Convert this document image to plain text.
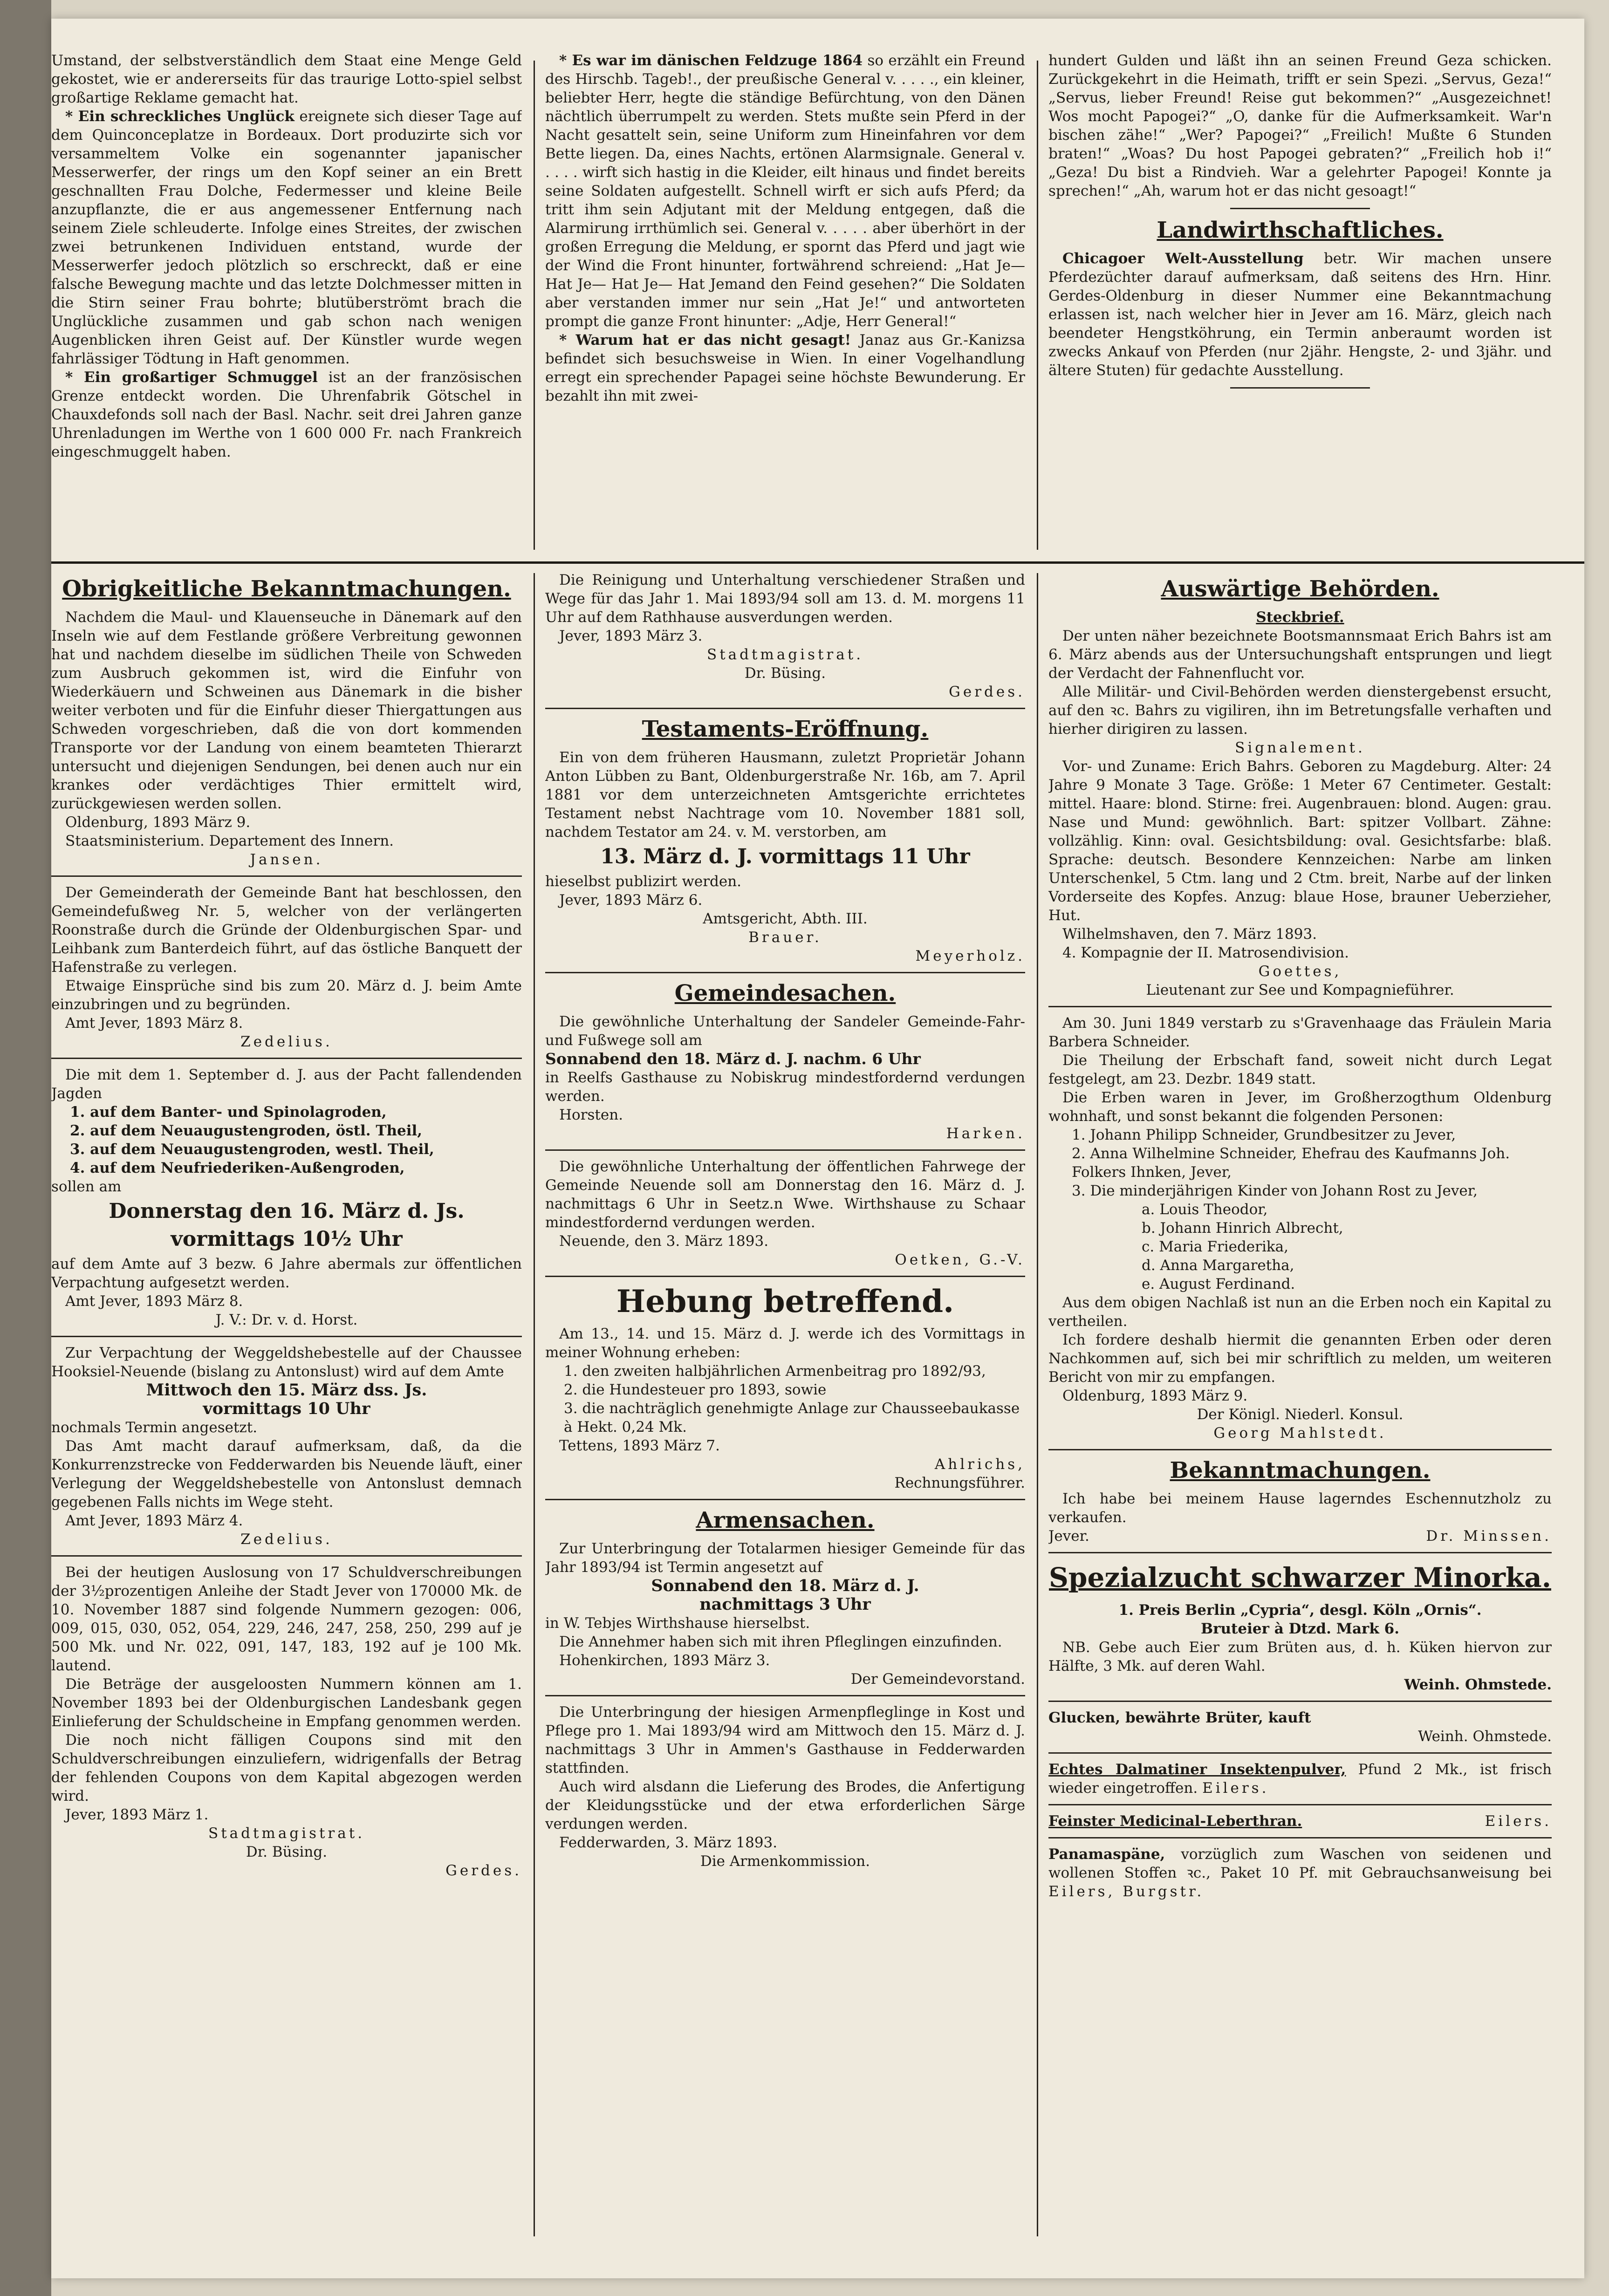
Umstand, der selbstverständlich dem Staat eine Menge Geld gekostet, wie er andererseits für das traurige Lotto-spiel selbst großartige Reklame gemacht hat.

* Ein schreckliches Unglück ereignete sich dieser Tage auf dem Quinconceplatze in Bordeaux. Dort produzirte sich vor versammeltem Volke ein sogenannter japanischer Messerwerfer, der rings um den Kopf seiner an ein Brett geschnallten Frau Dolche, Federmesser und kleine Beile anzupflanzte, die er aus angemessener Entfernung nach seinem Ziele schleuderte. Infolge eines Streites, der zwischen zwei betrunkenen Individuen entstand, wurde der Messerwerfer jedoch plötzlich so erschreckt, daß er eine falsche Bewegung machte und das letzte Dolchmesser mitten in die Stirn seiner Frau bohrte; blutüberströmt brach die Unglückliche zusammen und gab schon nach wenigen Augenblicken ihren Geist auf. Der Künstler wurde wegen fahrlässiger Tödtung in Haft genommen.

* Ein großartiger Schmuggel ist an der französischen Grenze entdeckt worden. Die Uhrenfabrik Götschel in Chauxdefonds soll nach der Basl. Nachr. seit drei Jahren ganze Uhrenladungen im Werthe von 1 600 000 Fr. nach Frankreich eingeschmuggelt haben.

* Es war im dänischen Feldzuge 1864 so erzählt ein Freund des Hirschb. Tageb!., der preußische General v. . . . ., ein kleiner, beliebter Herr, hegte die ständige Befürchtung, von den Dänen nächtlich überrumpelt zu werden. Stets mußte sein Pferd in der Nacht gesattelt sein, seine Uniform zum Hineinfahren vor dem Bette liegen. Da, eines Nachts, ertönen Alarmsignale. General v. . . . . wirft sich hastig in die Kleider, eilt hinaus und findet bereits seine Soldaten aufgestellt. Schnell wirft er sich aufs Pferd; da tritt ihm sein Adjutant mit der Meldung entgegen, daß die Alarmirung irrthümlich sei. General v. . . . . aber überhört in der großen Erregung die Meldung, er spornt das Pferd und jagt wie der Wind die Front hinunter, fortwährend schreiend: „Hat Je— Hat Je— Hat Je— Hat Jemand den Feind gesehen?“ Die Soldaten aber verstanden immer nur sein „Hat Je!“ und antworteten prompt die ganze Front hinunter: „Adje, Herr General!“

* Warum hat er das nicht gesagt! Janaz aus Gr.-Kanizsa befindet sich besuchsweise in Wien. In einer Vogelhandlung erregt ein sprechender Papagei seine höchste Bewunderung. Er bezahlt ihn mit zwei-

hundert Gulden und läßt ihn an seinen Freund Geza schicken. Zurückgekehrt in die Heimath, trifft er sein Spezi. „Servus, Geza!“ „Servus, lieber Freund! Reise gut bekommen?“ „Ausgezeichnet! Wos mocht Papogei?“ „O, danke für die Aufmerksamkeit. War'n bischen zähe!“ „Wer? Papogei?“ „Freilich! Mußte 6 Stunden braten!“ „Woas? Du host Papogei gebraten?“ „Freilich hob i!“ „Geza! Du bist a Rindvieh. War a gelehrter Papogei! Konnte ja sprechen!“ „Ah, warum hot er das nicht gesoagt!“

Landwirthschaftliches.

Chicagoer Welt-Ausstellung betr. Wir machen unsere Pferdezüchter darauf aufmerksam, daß seitens des Hrn. Hinr. Gerdes-Oldenburg in dieser Nummer eine Bekanntmachung erlassen ist, nach welcher hier in Jever am 16. März, gleich nach beendeter Hengstköhrung, ein Termin anberaumt worden ist zwecks Ankauf von Pferden (nur 2jähr. Hengste, 2- und 3jähr. und ältere Stuten) für gedachte Ausstellung.

Obrigkeitliche Bekanntmachungen.

Nachdem die Maul- und Klauenseuche in Dänemark auf den Inseln wie auf dem Festlande größere Verbreitung gewonnen hat und nachdem dieselbe im südlichen Theile von Schweden zum Ausbruch gekommen ist, wird die Einfuhr von Wiederkäuern und Schweinen aus Dänemark in die bisher weiter verboten und für die Einfuhr dieser Thiergattungen aus Schweden vorgeschrieben, daß die von dort kommenden Transporte vor der Landung von einem beamteten Thierarzt untersucht und diejenigen Sendungen, bei denen auch nur ein krankes oder verdächtiges Thier ermittelt wird, zurückgewiesen werden sollen.

Oldenburg, 1893 März 9.

Staatsministerium. Departement des Innern.

Jansen.

Der Gemeinderath der Gemeinde Bant hat beschlossen, den Gemeindefußweg Nr. 5, welcher von der verlängerten Roonstraße durch die Gründe der Oldenburgischen Spar- und Leihbank zum Banterdeich führt, auf das östliche Banquett der Hafenstraße zu verlegen.

Etwaige Einsprüche sind bis zum 20. März d. J. beim Amte einzubringen und zu begründen.

Amt Jever, 1893 März 8.

Zedelius.

Die mit dem 1. September d. J. aus der Pacht fallendenden Jagden

1. auf dem Banter- und Spinolagroden,
2. auf dem Neuaugustengroden, östl. Theil,
3. auf dem Neuaugustengroden, westl. Theil,
4. auf dem Neufriederiken-Außengroden,

sollen am

Donnerstag den 16. März d. Js.
vormittags 10½ Uhr

auf dem Amte auf 3 bezw. 6 Jahre abermals zur öffentlichen Verpachtung aufgesetzt werden.

Amt Jever, 1893 März 8.

J. V.: Dr. v. d. Horst.

Zur Verpachtung der Weggeldshebestelle auf der Chaussee Hooksiel-Neuende (bislang zu Antonslust) wird auf dem Amte

Mittwoch den 15. März dss. Js.

vormittags 10 Uhr

nochmals Termin angesetzt.

Das Amt macht darauf aufmerksam, daß, da die Konkurrenzstrecke von Fedderwarden bis Neuende läuft, einer Verlegung der Weggeldshebestelle von Antonslust demnach gegebenen Falls nichts im Wege steht.

Amt Jever, 1893 März 4.

Zedelius.

Bei der heutigen Auslosung von 17 Schuldverschreibungen der 3½prozentigen Anleihe der Stadt Jever von 170000 Mk. de 10. November 1887 sind folgende Nummern gezogen: 006, 009, 015, 030, 052, 054, 229, 246, 247, 258, 250, 299 auf je 500 Mk. und Nr. 022, 091, 147, 183, 192 auf je 100 Mk. lautend.

Die Beträge der ausgeloosten Nummern können am 1. November 1893 bei der Oldenburgischen Landesbank gegen Einlieferung der Schuldscheine in Empfang genommen werden.

Die noch nicht fälligen Coupons sind mit den Schuldverschreibungen einzuliefern, widrigenfalls der Betrag der fehlenden Coupons von dem Kapital abgezogen werden wird.

Jever, 1893 März 1.

Stadtmagistrat.

Dr. Büsing.

Gerdes.

Die Reinigung und Unterhaltung verschiedener Straßen und Wege für das Jahr 1. Mai 1893/94 soll am 13. d. M. morgens 11 Uhr auf dem Rathhause ausverdungen werden.

Jever, 1893 März 3.

Stadtmagistrat.

Dr. Büsing.

Gerdes.

Testaments-Eröffnung.

Ein von dem früheren Hausmann, zuletzt Proprietär Johann Anton Lübben zu Bant, Oldenburgerstraße Nr. 16b, am 7. April 1881 vor dem unterzeichneten Amtsgerichte errichtetes Testament nebst Nachtrage vom 10. November 1881 soll, nachdem Testator am 24. v. M. verstorben, am

13. März d. J. vormittags 11 Uhr

hieselbst publizirt werden.

Jever, 1893 März 6.

Amtsgericht, Abth. III.

Brauer.

Meyerholz.

Gemeindesachen.

Die gewöhnliche Unterhaltung der Sandeler Gemeinde-Fahr- und Fußwege soll am

Sonnabend den 18. März d. J. nachm. 6 Uhr

in Reelfs Gasthause zu Nobiskrug mindestfordernd verdungen werden.

Horsten.

Harken.

Die gewöhnliche Unterhaltung der öffentlichen Fahrwege der Gemeinde Neuende soll am Donnerstag den 16. März d. J. nachmittags 6 Uhr in Seetz.n Wwe. Wirthshause zu Schaar mindestfordernd verdungen werden.

Neuende, den 3. März 1893.

Oetken, G.-V.

Hebung betreffend.

Am 13., 14. und 15. März d. J. werde ich des Vormittags in meiner Wohnung erheben:

1. den zweiten halbjährlichen Armenbeitrag pro 1892/93,
2. die Hundesteuer pro 1893, sowie
3. die nachträglich genehmigte Anlage zur Chausseebaukasse à Hekt. 0,24 Mk.

Tettens, 1893 März 7.

Ahlrichs,

Rechnungsführer.

Armensachen.

Zur Unterbringung der Totalarmen hiesiger Gemeinde für das Jahr 1893/94 ist Termin angesetzt auf

Sonnabend den 18. März d. J.

nachmittags 3 Uhr

in W. Tebjes Wirthshause hierselbst.

Die Annehmer haben sich mit ihren Pfleglingen einzufinden.

Hohenkirchen, 1893 März 3.

Der Gemeindevorstand.

Die Unterbringung der hiesigen Armenpfleglinge in Kost und Pflege pro 1. Mai 1893/94 wird am Mittwoch den 15. März d. J. nachmittags 3 Uhr in Ammen's Gasthause in Fedderwarden stattfinden.

Auch wird alsdann die Lieferung des Brodes, die Anfertigung der Kleidungsstücke und der etwa erforderlichen Särge verdungen werden.

Fedderwarden, 3. März 1893.

Die Armenkommission.

Auswärtige Behörden.

Steckbrief.

Der unten näher bezeichnete Bootsmannsmaat Erich Bahrs ist am 6. März abends aus der Untersuchungshaft entsprungen und liegt der Verdacht der Fahnenflucht vor.

Alle Militär- und Civil-Behörden werden dienstergebenst ersucht, auf den ꝛc. Bahrs zu vigiliren, ihn im Betretungsfalle verhaften und hierher dirigiren zu lassen.

Signalement.

Vor- und Zuname: Erich Bahrs. Geboren zu Magdeburg. Alter: 24 Jahre 9 Monate 3 Tage. Größe: 1 Meter 67 Centimeter. Gestalt: mittel. Haare: blond. Stirne: frei. Augenbrauen: blond. Augen: grau. Nase und Mund: gewöhnlich. Bart: spitzer Vollbart. Zähne: vollzählig. Kinn: oval. Gesichtsbildung: oval. Gesichtsfarbe: blaß. Sprache: deutsch. Besondere Kennzeichen: Narbe am linken Unterschenkel, 5 Ctm. lang und 2 Ctm. breit, Narbe auf der linken Vorderseite des Kopfes. Anzug: blaue Hose, brauner Ueberzieher, Hut.

Wilhelmshaven, den 7. März 1893.

4. Kompagnie der II. Matrosendivision.

Goettes,

Lieutenant zur See und Kompagnieführer.

Am 30. Juni 1849 verstarb zu s'Gravenhaage das Fräulein Maria Barbera Schneider.

Die Theilung der Erbschaft fand, soweit nicht durch Legat festgelegt, am 23. Dezbr. 1849 statt.

Die Erben waren in Jever, im Großherzogthum Oldenburg wohnhaft, und sonst bekannt die folgenden Personen:

1. Johann Philipp Schneider, Grundbesitzer zu Jever,
2. Anna Wilhelmine Schneider, Ehefrau des Kaufmanns Joh. Folkers Ihnken, Jever,
3. Die minderjährigen Kinder von Johann Rost zu Jever,
a. Louis Theodor,
b. Johann Hinrich Albrecht,
c. Maria Friederika,
d. Anna Margaretha,
e. August Ferdinand.

Aus dem obigen Nachlaß ist nun an die Erben noch ein Kapital zu vertheilen.

Ich fordere deshalb hiermit die genannten Erben oder deren Nachkommen auf, sich bei mir schriftlich zu melden, um weiteren Bericht von mir zu empfangen.

Oldenburg, 1893 März 9.

Der Königl. Niederl. Konsul.

Georg Mahlstedt.

Bekanntmachungen.

Ich habe bei meinem Hause lagerndes Eschennutzholz zu verkaufen.

Jever.	Dr. Minssen.

Spezialzucht schwarzer Minorka.

1. Preis Berlin „Cypria“, desgl. Köln „Ornis“.

Bruteier à Dtzd. Mark 6.

NB. Gebe auch Eier zum Brüten aus, d. h. Küken hiervon zur Hälfte, 3 Mk. auf deren Wahl.

Weinh. Ohmstede.

Glucken, bewährte Brüter, kauft

Weinh. Ohmstede.

Echtes Dalmatiner Insektenpulver, Pfund 2 Mk., ist frisch wieder eingetroffen. Eilers.

Feinster Medicinal-Leberthran.	Eilers.

Panamaspäne, vorzüglich zum Waschen von seidenen und wollenen Stoffen ꝛc., Paket 10 Pf. mit Gebrauchsanweisung bei Eilers, Burgstr.
